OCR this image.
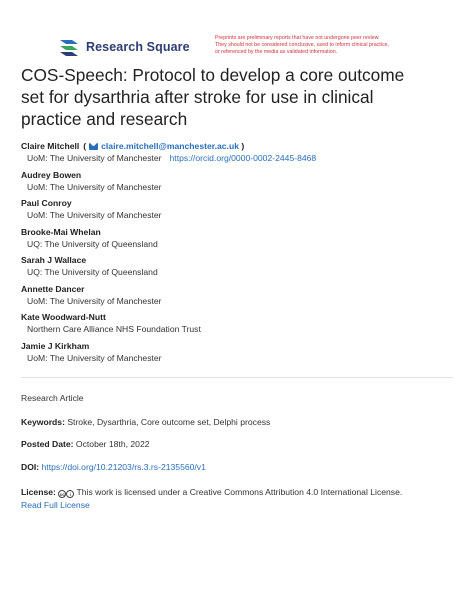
Research Square
Preprints are preliminary reports that have not undergone peer review.
They should not be considered conclusive, used to inform clinical practice,
or referenced by the media as validated information.
COS-Speech: Protocol to develop a core outcome
set for dysarthria after stroke for use in clinical
practice and research
Claire Mitchell ( claire.mitchell@manchester.ac.uk )
UoM: The University of Manchester https://orcid.org/0000-0002-2445-8468
Audrey Bowen
UoM: The University of Manchester
Paul Conroy
UoM: The University of Manchester
Brooke-Mai Whelan
UQ: The University of Queensland
Sarah J Wallace
UQ: The University of Queensland
Annette Dancer
UoM: The University of Manchester
Kate Woodward-Nutt
Northern Care Alliance NHS Foundation Trust
Jamie J Kirkham
UoM: The University of Manchester
Research Article
Keywords: Stroke, Dysarthria, Core outcome set, Delphi process
Posted Date: October 18th, 2022
DOI: https://doi.org/10.21203/rs.3.rs-2135560/v1
License: cc i This work is licensed under a Creative Commons Attribution 4.0 International License.
Read Full License
